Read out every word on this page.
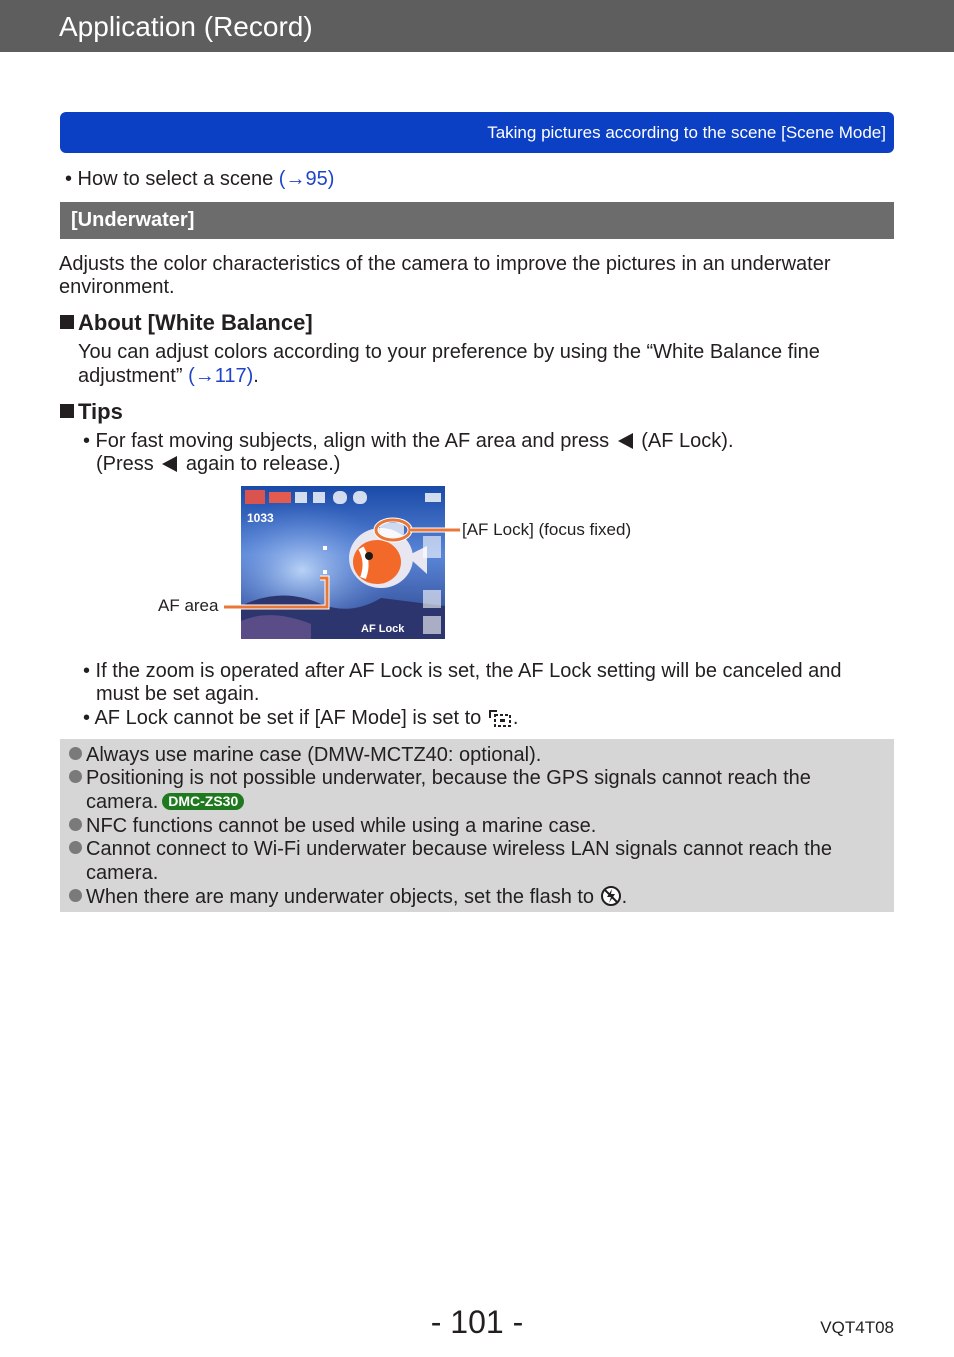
Application (Record)
Taking pictures according to the scene [Scene Mode]
• How to select a scene (→95)
[Underwater]
Adjusts the color characteristics of the camera to improve the pictures in an underwater
environment.
About [White Balance]
You can adjust colors according to your preference by using the “White Balance fine
adjustment” (→117).
Tips
• For fast moving subjects, align with the AF area and press  (AF Lock).
(Press  again to release.)
1033
AF Lock
[AF Lock] (focus fixed)
AF area
• If the zoom is operated after AF Lock is set, the AF Lock setting will be canceled and
must be set again.
• AF Lock cannot be set if [AF Mode] is set to .
Always use marine case (DMW-MCTZ40: optional).
Positioning is not possible underwater, because the GPS signals cannot reach the
camera. DMC-ZS30
NFC functions cannot be used while using a marine case.
Cannot connect to Wi-Fi underwater because wireless LAN signals cannot reach the
camera.
When there are many underwater objects, set the flash to .
- 101 -	VQT4T08
